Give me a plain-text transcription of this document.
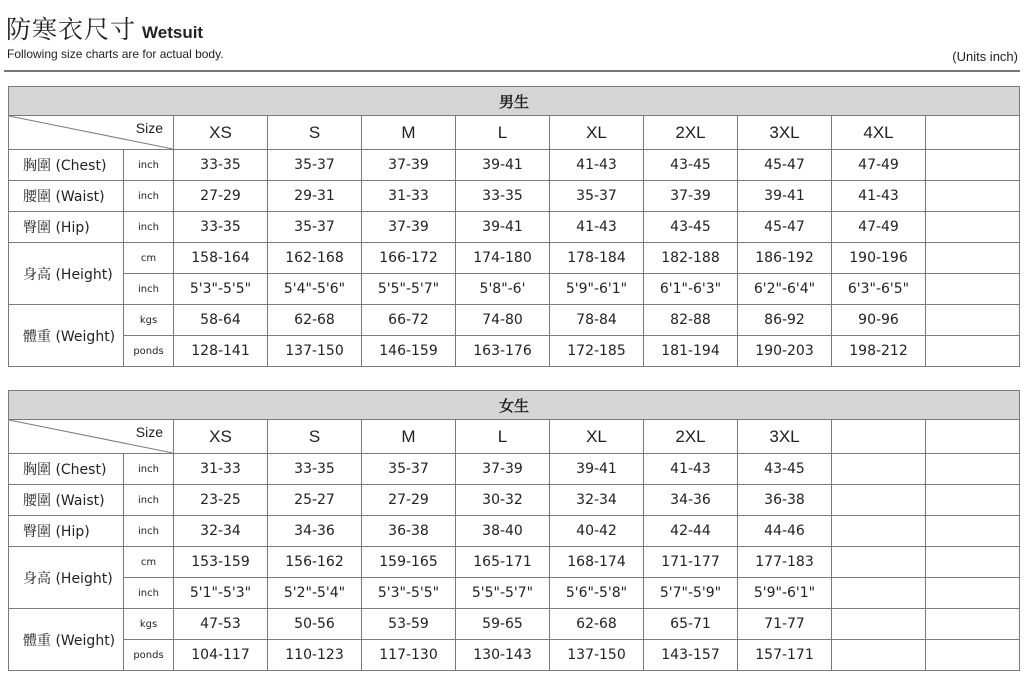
防寒衣尺寸 Wetsuit
Following size charts are for actual body.	(Units inch)
男生										

Size		XS	S	M	L	XL	2XL	3XL	4XL	
胸圍 (Chest)	inch	33-35	35-37	37-39	39-41	41-43	43-45	45-47	47-49	
腰圍 (Waist)	inch	27-29	29-31	31-33	33-35	35-37	37-39	39-41	41-43	
臀圍 (Hip)	inch	33-35	35-37	37-39	39-41	41-43	43-45	45-47	47-49	
身高 (Height)	cm	158-164	162-168	166-172	174-180	178-184	182-188	186-192	190-196	
	inch	5'3"-5'5"	5'4"-5'6"	5'5"-5'7"	5'8"-6'	5'9"-6'1"	6'1"-6'3"	6'2"-6'4"	6'3"-6'5"	
體重 (Weight)	kgs	58-64	62-68	66-72	74-80	78-84	82-88	86-92	90-96	
	ponds	128-141	137-150	146-159	163-176	172-185	181-194	190-203	198-212	
女生										

Size		XS	S	M	L	XL	2XL	3XL		
胸圍 (Chest)	inch	31-33	33-35	35-37	37-39	39-41	41-43	43-45		
腰圍 (Waist)	inch	23-25	25-27	27-29	30-32	32-34	34-36	36-38		
臀圍 (Hip)	inch	32-34	34-36	36-38	38-40	40-42	42-44	44-46		
身高 (Height)	cm	153-159	156-162	159-165	165-171	168-174	171-177	177-183		
	inch	5'1"-5'3"	5'2"-5'4"	5'3"-5'5"	5'5"-5'7"	5'6"-5'8"	5'7"-5'9"	5'9"-6'1"		
體重 (Weight)	kgs	47-53	50-56	53-59	59-65	62-68	65-71	71-77		
	ponds	104-117	110-123	117-130	130-143	137-150	143-157	157-171		
